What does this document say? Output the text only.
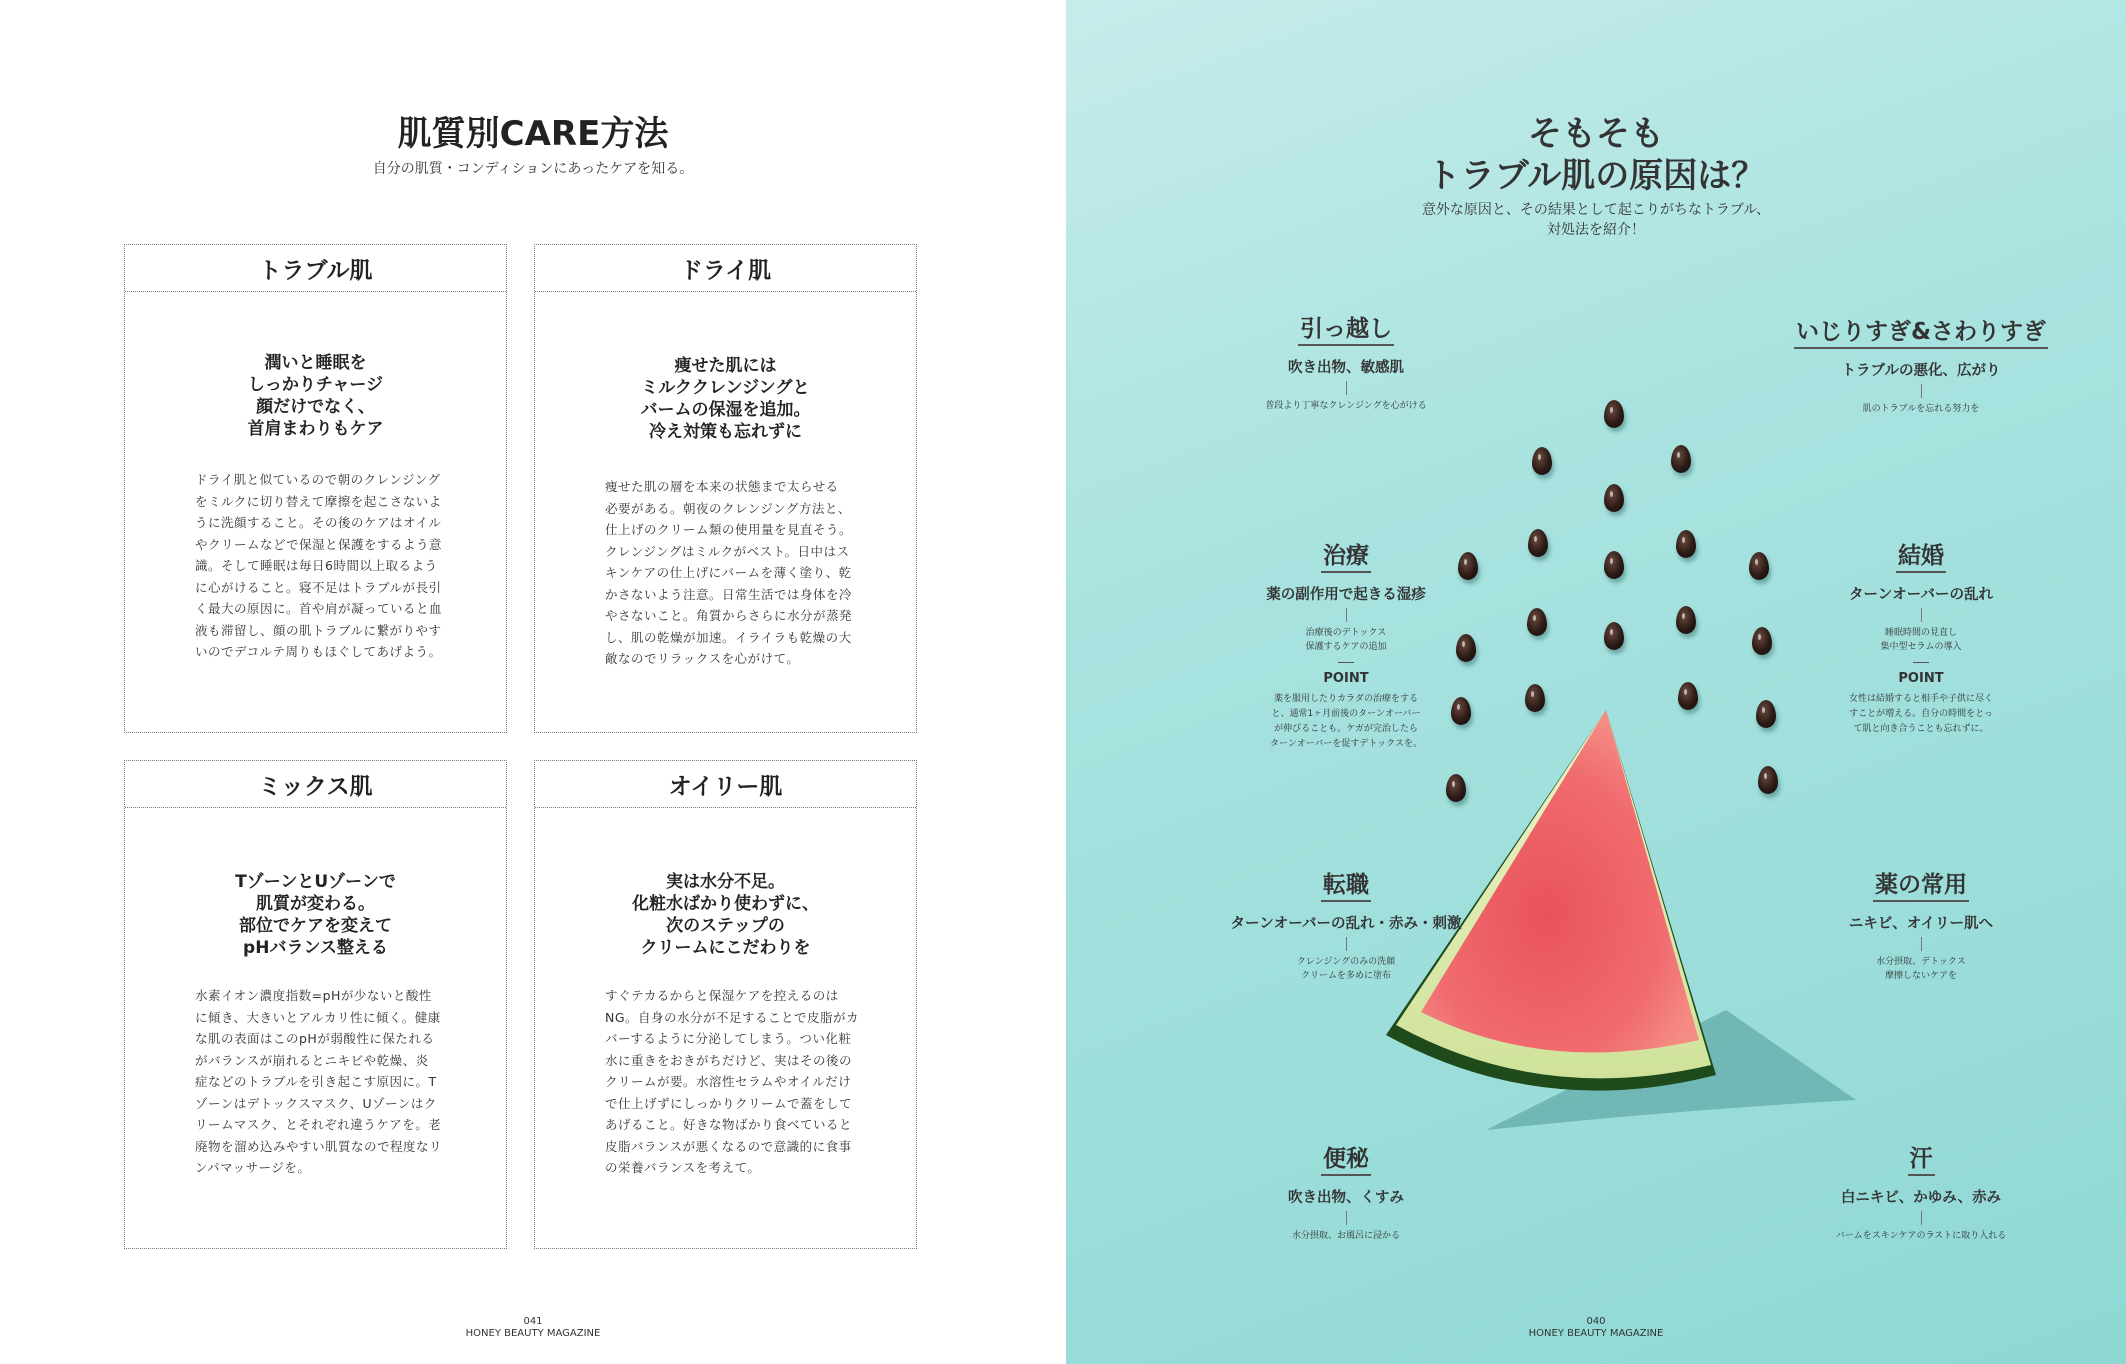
肌質別CARE方法
自分の肌質・コンディションにあったケアを知る。
トラブル肌
潤いと睡眠を
しっかりチャージ
顔だけでなく、
首肩まわりもケア
ドライ肌と似ているので朝のクレンジング
をミルクに切り替えて摩擦を起こさないよ
うに洗顔すること。その後のケアはオイル
やクリームなどで保湿と保護をするよう意
識。そして睡眠は毎日6時間以上取るよう
に心がけること。寝不足はトラブルが長引
く最大の原因に。首や肩が凝っていると血
液も滞留し、顔の肌トラブルに繋がりやす
いのでデコルテ周りもほぐしてあげよう。
ドライ肌
痩せた肌には
ミルククレンジングと
バームの保湿を追加。
冷え対策も忘れずに
痩せた肌の層を本来の状態まで太らせる
必要がある。朝夜のクレンジング方法と、
仕上げのクリーム類の使用量を見直そう。
クレンジングはミルクがベスト。日中はス
キンケアの仕上げにバームを薄く塗り、乾
かさないよう注意。日常生活では身体を冷
やさないこと。角質からさらに水分が蒸発
し、肌の乾燥が加速。イライラも乾燥の大
敵なのでリラックスを心がけて。
ミックス肌
TゾーンとUゾーンで
肌質が変わる。
部位でケアを変えて
pHバランス整える
水素イオン濃度指数=pHが少ないと酸性
に傾き、大きいとアルカリ性に傾く。健康
な肌の表面はこのpHが弱酸性に保たれる
がバランスが崩れるとニキビや乾燥、炎
症などのトラブルを引き起こす原因に。T
ゾーンはデトックスマスク、Uゾーンはク
リームマスク、とそれぞれ違うケアを。老
廃物を溜め込みやすい肌質なので程度なリ
ンパマッサージを。
オイリー肌
実は水分不足。
化粧水ばかり使わずに、
次のステップの
クリームにこだわりを
すぐテカるからと保湿ケアを控えるのは
NG。自身の水分が不足することで皮脂がカ
バーするように分泌してしまう。つい化粧
水に重きをおきがちだけど、実はその後の
クリームが要。水溶性セラムやオイルだけ
で仕上げずにしっかりクリームで蓋をして
あげること。好きな物ばかり食べていると
皮脂バランスが悪くなるので意識的に食事
の栄養バランスを考えて。
041
HONEY BEAUTY MAGAZINE
そもそも
トラブル肌の原因は？
意外な原因と、その結果として起こりがちなトラブル、
対処法を紹介！
引っ越し
吹き出物、敏感肌
普段より丁寧なクレンジングを心がける
いじりすぎ&さわりすぎ
トラブルの悪化、広がり
肌のトラブルを忘れる努力を
治療
薬の副作用で起きる湿疹
治療後のデトックス
保護するケアの追加
POINT
薬を服用したりカラダの治療をする
と、通常1ヶ月前後のターンオーバー
が伸びることも。ケガが完治したら
ターンオーバーを促すデトックスを。
結婚
ターンオーバーの乱れ
睡眠時間の見直し
集中型セラムの導入
POINT
女性は結婚すると相手や子供に尽く
すことが増える。自分の時間をとっ
て肌と向き合うことも忘れずに。
転職
ターンオーバーの乱れ・赤み・刺激
クレンジングのみの洗顔
クリームを多めに塗布
薬の常用
ニキビ、オイリー肌へ
水分摂取、デトックス
摩擦しないケアを
便秘
吹き出物、くすみ
水分摂取、お風呂に浸かる
汗
白ニキビ、かゆみ、赤み
バームをスキンケアのラストに取り入れる
040
HONEY BEAUTY MAGAZINE
